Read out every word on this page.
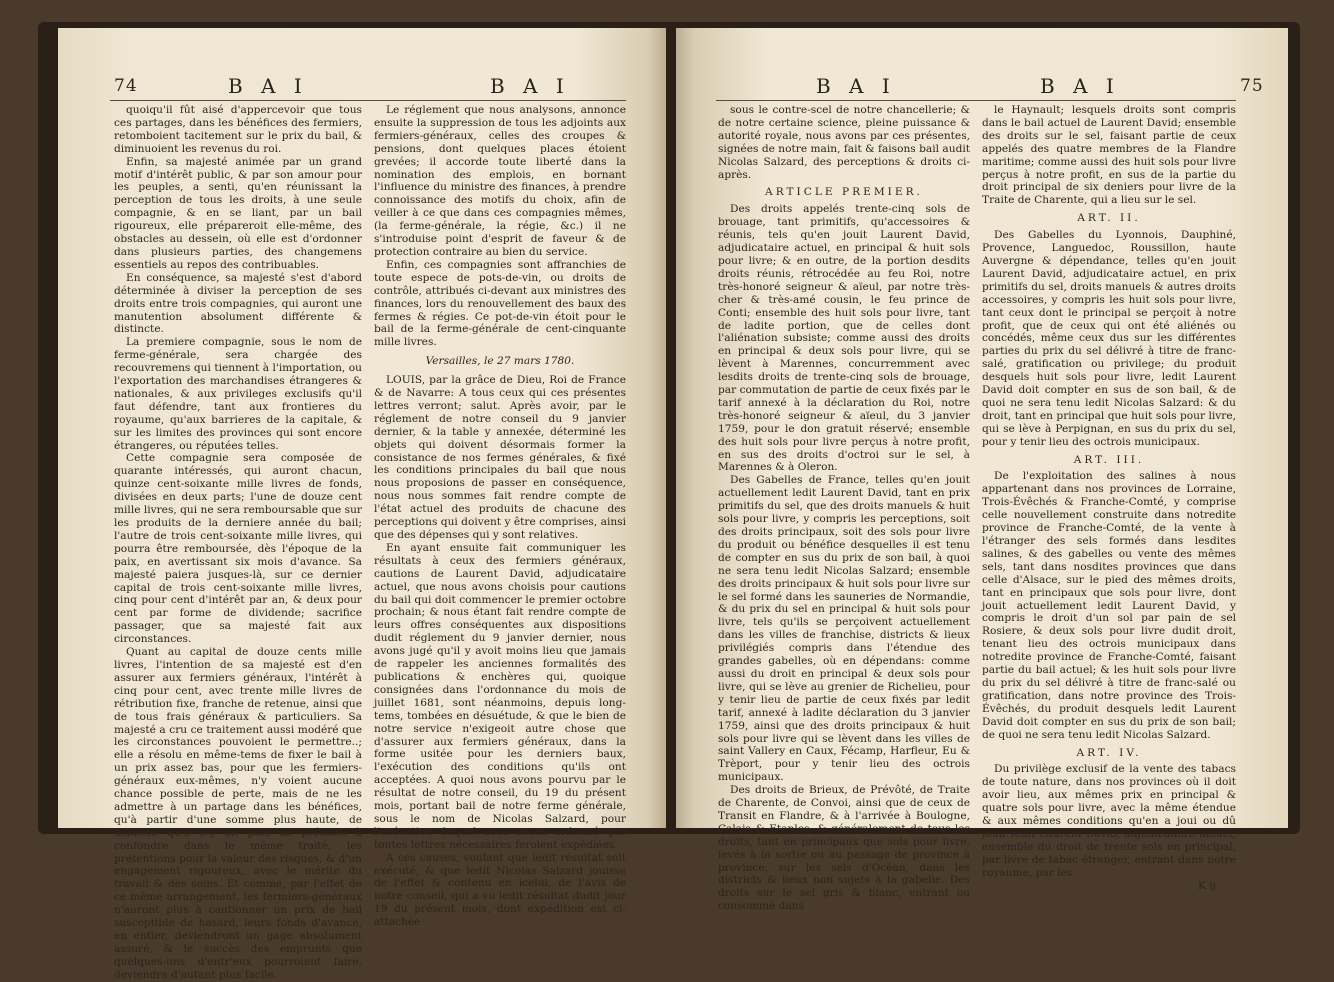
74	B A I	B A I

quoiqu'il fût aisé d'appercevoir que tous ces partages, dans les bénéfices des fermiers, retomboient tacitement sur le prix du bail, & diminuoient les revenus du roi.

Enfin, sa majesté animée par un grand motif d'intérêt public, & par son amour pour les peuples, a senti, qu'en réunissant la perception de tous les droits, à une seule compagnie, & en se liant, par un bail rigoureux, elle prépareroit elle-même, des obstacles au dessein, où elle est d'ordonner dans plusieurs parties, des changemens essentiels au repos des contribuables.

En conséquence, sa majesté s'est d'abord déterminée à diviser la perception de ses droits entre trois compagnies, qui auront une manutention absolument différente & distincte.

La premiere compagnie, sous le nom de ferme-générale, sera chargée des recouvremens qui tiennent à l'importation, ou l'exportation des marchandises étrangeres & nationales, & aux privileges exclusifs qu'il faut défendre, tant aux frontieres du royaume, qu'aux barrieres de la capitale, & sur les limites des provinces qui sont encore étrangeres, ou réputées telles.

Cette compagnie sera composée de quarante intéressés, qui auront chacun, quinze cent-soixante mille livres de fonds, divisées en deux parts; l'une de douze cent mille livres, qui ne sera remboursable que sur les produits de la derniere année du bail; l'autre de trois cent-soixante mille livres, qui pourra être remboursée, dès l'époque de la paix, en avertissant six mois d'avance. Sa majesté paiera jusques-là, sur ce dernier capital de trois cent-soixante mille livres, cinq pour cent d'intérêt par an, & deux pour cent par forme de dividende; sacrifice passager, que sa majesté fait aux circonstances.

Quant au capital de douze cents mille livres, l'intention de sa majesté est d'en assurer aux fermiers généraux, l'intérêt à cinq pour cent, avec trente mille livres de rétribution fixe, franche de retenue, ainsi que de tous frais généraux & particuliers. Sa majesté a cru ce traitement aussi modéré que les circonstances pouvoient le permettre..; elle a résolu en même-tems de fixer le bail à un prix assez bas, pour que les fermiers-généraux eux-mêmes, n'y voient aucune chance possible de perte, mais de ne les admettre à un partage dans les bénéfices, qu'à partir d'une somme plus haute, de maniere qu'il n'y ait plus de prétexte à confondre dans le même traité, les prétentions pour la valeur des risques, & d'un engagement rigoureux, avec le mérite du travail & des soins. Et comme, par l'effet de ce même arrangement, les fermiers-généraux n'auront plus à cautionner un prix de bail susceptible de hasard, leurs fonds d'avance, en entier, deviendront un gage absolument assuré, & le succès des emprunts que quelques-uns d'entr'eux pourroient faire, deviendra d'autant plus facile.

Le réglement que nous analysons, annonce ensuite la suppression de tous les adjoints aux fermiers-généraux, celles des croupes & pensions, dont quelques places étoient grevées; il accorde toute liberté dans la nomination des emplois, en bornant l'influence du ministre des finances, à prendre connoissance des motifs du choix, afin de veiller à ce que dans ces compagnies mêmes, (la ferme-générale, la régie, &c.) il ne s'introduise point d'esprit de faveur & de protection contraire au bien du service.

Enfin, ces compagnies sont affranchies de toute espece de pots-de-vin, ou droits de contrôle, attribués ci-devant aux ministres des finances, lors du renouvellement des baux des fermes & régies. Ce pot-de-vin étoit pour le bail de la ferme-générale de cent-cinquante mille livres.

Versailles, le 27 mars 1780.

LOUIS, par la grâce de Dieu, Roi de France & de Navarre: A tous ceux qui ces présentes lettres verront; salut. Après avoir, par le réglement de notre conseil du 9 janvier dernier, & la table y annexée, déterminé les objets qui doivent désormais former la consistance de nos fermes générales, & fixé les conditions principales du bail que nous nous proposions de passer en conséquence, nous nous sommes fait rendre compte de l'état actuel des produits de chacune des perceptions qui doivent y être comprises, ainsi que des dépenses qui y sont relatives.

En ayant ensuite fait communiquer les résultats à ceux des fermiers généraux, cautions de Laurent David, adjudicataire actuel, que nous avons choisis pour cautions du bail qui doit commencer le premier octobre prochain; & nous étant fait rendre compte de leurs offres conséquentes aux dispositions dudit réglement du 9 janvier dernier, nous avons jugé qu'il y avoit moins lieu que jamais de rappeler les anciennes formalités des publications & enchères qui, quoique consignées dans l'ordonnance du mois de juillet 1681, sont néanmoins, depuis long-tems, tombées en désuétude, & que le bien de notre service n'exigeoit autre chose que d'assurer aux fermiers généraux, dans la forme usitée pour les derniers baux, l'exécution des conditions qu'ils ont acceptées. A quoi nous avons pourvu par le résultat de notre conseil, du 19 du présent mois, portant bail de notre ferme générale, sous le nom de Nicolas Salzard, pour l'exécution duquel nous avons ordonné que toutes lettres nécessaires feroient expédiées.

A ces causes, voulant que ledit résultat soit exécuté, & que ledit Nicolas Salzard jouisse de l'effet & contenu en icelui, de l'avis de notre conseil, qui a vu ledit résultat dudit jour 19 du présent mois, dont expédition est ci-attachée

B A I	B A I	75

sous le contre-scel de notre chancellerie; & de notre certaine science, pleine puissance & autorité royale, nous avons par ces présentes, signées de notre main, fait & faisons bail audit Nicolas Salzard, des perceptions & droits ci-après.

ARTICLE PREMIER.

Des droits appelés trente-cinq sols de brouage, tant primitifs, qu'accessoires & réunis, tels qu'en jouit Laurent David, adjudicataire actuel, en principal & huit sols pour livre; & en outre, de la portion desdits droits réunis, rétrocédée au feu Roi, notre très-honoré seigneur & aïeul, par notre très-cher & très-amé cousin, le feu prince de Conti; ensemble des huit sols pour livre, tant de ladite portion, que de celles dont l'aliénation subsiste; comme aussi des droits en principal & deux sols pour livre, qui se lèvent à Marennes, concurremment avec lesdits droits de trente-cinq sols de brouage, par commutation de partie de ceux fixés par le tarif annexé à la déclaration du Roi, notre très-honoré seigneur & aïeul, du 3 janvier 1759, pour le don gratuit réservé; ensemble des huit sols pour livre perçus à notre profit, en sus des droits d'octroi sur le sel, à Marennes & à Oleron.

Des Gabelles de France, telles qu'en jouit actuellement ledit Laurent David, tant en prix primitifs du sel, que des droits manuels & huit sols pour livre, y compris les perceptions, soit des droits principaux, soit des sols pour livre du produit ou bénéfice desquelles il est tenu de compter en sus du prix de son bail, à quoi ne sera tenu ledit Nicolas Salzard; ensemble des droits principaux & huit sols pour livre sur le sel formé dans les sauneries de Normandie, & du prix du sel en principal & huit sols pour livre, tels qu'ils se perçoivent actuellement dans les villes de franchise, districts & lieux privilégiés compris dans l'étendue des grandes gabelles, où en dépendans: comme aussi du droit en principal & deux sols pour livre, qui se lève au grenier de Richelieu, pour y tenir lieu de partie de ceux fixés par ledit tarif, annexé à ladite déclaration du 3 janvier 1759, ainsi que des droits principaux & huit sols pour livre qui se lèvent dans les villes de saint Vallery en Caux, Fécamp, Harfleur, Eu & Trèport, pour y tenir lieu des octrois municipaux.

Des droits de Brieux, de Prévôté, de Traite de Charente, de Convoi, ainsi que de ceux de Transit en Flandre, & à l'arrivée à Boulogne, Calais & Etaples, & généralement de tous les droits, tant en principaux que sols pour livre, levés à la sortie ou au passage de province à province, sur les sels d'Océan, dans les districts & lieux non sujets à la gabelle. Des droits sur le sel gris & blanc, entrant ou consommé dans

le Haynault; lesquels droits sont compris dans le bail actuel de Laurent David; ensemble des droits sur le sel, faisant partie de ceux appelés des quatre membres de la Flandre maritime; comme aussi des huit sols pour livre perçus à notre profit, en sus de la partie du droit principal de six deniers pour livre de la Traite de Charente, qui a lieu sur le sel.

ART. II.

Des Gabelles du Lyonnois, Dauphiné, Provence, Languedoc, Roussillon, haute Auvergne & dépendance, telles qu'en jouit Laurent David, adjudicataire actuel, en prix primitifs du sel, droits manuels & autres droits accessoires, y compris les huit sols pour livre, tant ceux dont le principal se perçoit à notre profit, que de ceux qui ont été aliénés ou concédés, même ceux dus sur les différentes parties du prix du sel délivré à titre de franc-salé, gratification ou privilege; du produit desquels huit sols pour livre, ledit Laurent David doit compter en sus de son bail, & de quoi ne sera tenu ledit Nicolas Salzard: & du droit, tant en principal que huit sols pour livre, qui se lève à Perpignan, en sus du prix du sel, pour y tenir lieu des octrois municipaux.

ART. III.

De l'exploitation des salines à nous appartenant dans nos provinces de Lorraine, Trois-Évêchés & Franche-Comté, y comprise celle nouvellement construite dans notredite province de Franche-Comté, de la vente à l'étranger des sels formés dans lesdites salines, & des gabelles ou vente des mêmes sels, tant dans nosdites provinces que dans celle d'Alsace, sur le pied des mêmes droits, tant en principaux que sols pour livre, dont jouit actuellement ledit Laurent David, y compris le droit d'un sol par pain de sel Rosiere, & deux sols pour livre dudit droit, tenant lieu des octrois municipaux dans notredite province de Franche-Comté, faisant partie du bail actuel; & les huit sols pour livre du prix du sel délivré à titre de franc-salé ou gratification, dans notre province des Trois-Évêchés, du produit desquels ledit Laurent David doit compter en sus du prix de son bail; de quoi ne sera tenu ledit Nicolas Salzard.

ART. IV.

Du privilège exclusif de la vente des tabacs de toute nature, dans nos provinces où il doit avoir lieu, aux mêmes prix en principal & quatre sols pour livre, avec la même étendue & aux mêmes conditions qu'en a joui ou dû jouir ledit Laurent David, adjudicataire actuel; ensemble du droit de trente sols en principal, par livre de tabac étranger, entrant dans notre royaume, par les

K ij
